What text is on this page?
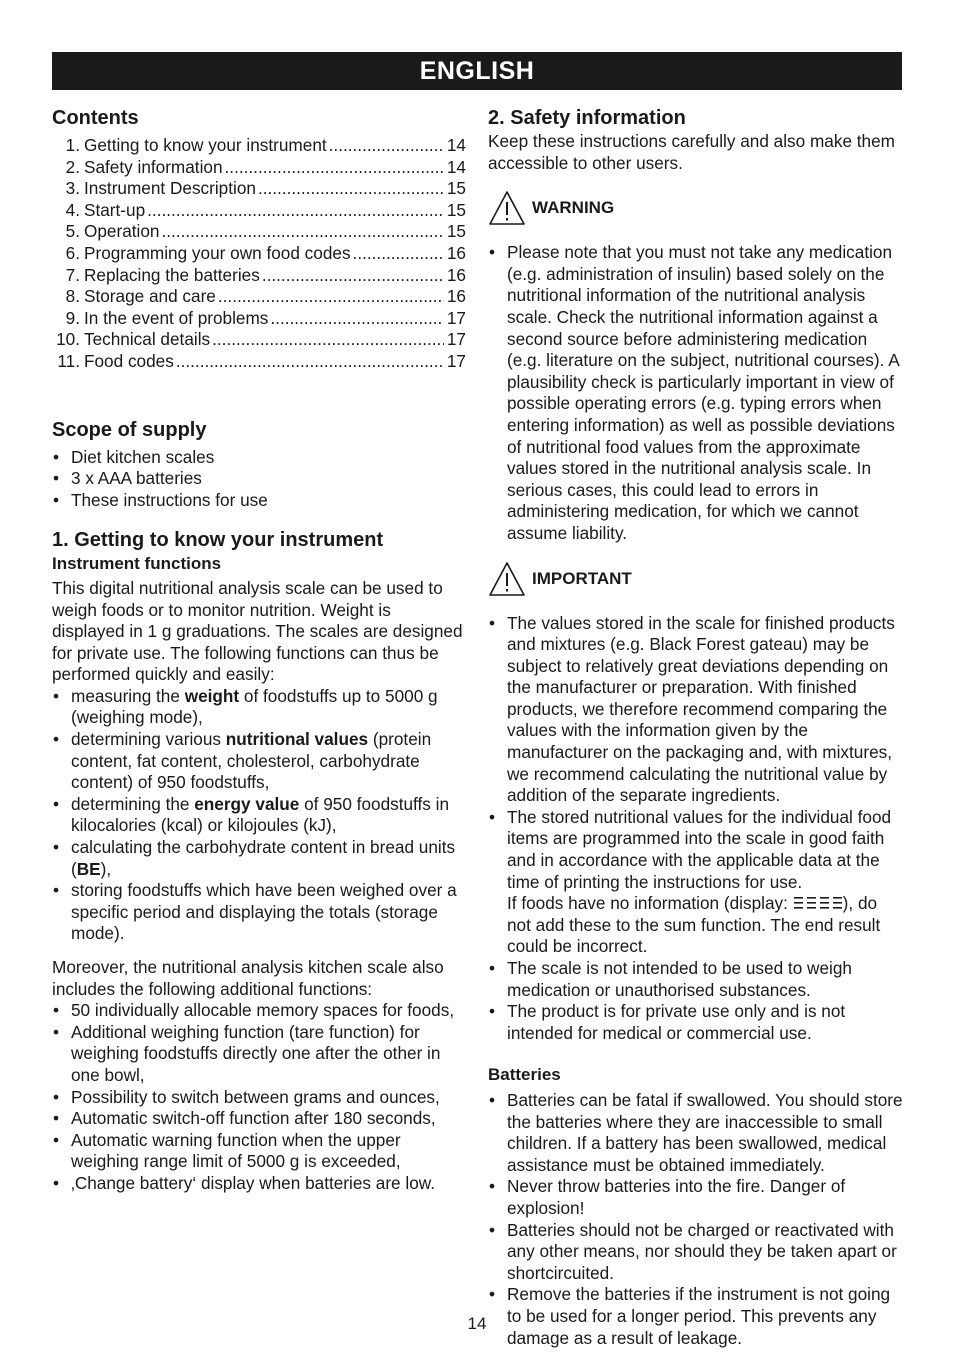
ENGLISH
Contents
1. Getting to know your instrument .....	14
2. Safety information .....	14
3. Instrument Description .....	15
4. Start-up .....	15
5. Operation .....	15
6. Programming your own food codes .....	16
7. Replacing the batteries .....	16
8. Storage and care .....	16
9. In the event of problems .....	17
10. Technical details .....	17
11. Food codes .....	17
Scope of supply
• Diet kitchen scales
• 3 x AAA batteries
• These instructions for use
1. Getting to know your instrument
Instrument functions

This digital nutritional analysis scale can be used to weigh foods or to monitor nutrition. Weight is displayed in 1 g graduations. The scales are designed for private use. The following functions can thus be performed quickly and easily:

• measuring the weight of foodstuffs up to 5000 g (weighing mode),
• determining various nutritional values (protein content, fat content, cholesterol, carbohydrate content) of 950 foodstuffs,
• determining the energy value of 950 foodstuffs in kilocalories (kcal) or kilojoules (kJ),
• calculating the carbohydrate content in bread units (BE),
• storing foodstuffs which have been weighed over a specific period and displaying the totals (storage mode).

Moreover, the nutritional analysis kitchen scale also includes the following additional functions:

• 50 individually allocable memory spaces for foods,
• Additional weighing function (tare function) for weighing foodstuffs directly one after the other in one bowl,
• Possibility to switch between grams and ounces,
• Automatic switch-off function after 180 seconds,
• Automatic warning function when the upper weighing range limit of 5000 g is exceeded,
• ‚Change battery‘ display when batteries are low.
2. Safety information

Keep these instructions carefully and also make them accessible to other users.

WARNING
• Please note that you must not take any medication (e.g. administration of insulin) based solely on the nutritional information of the nutritional analysis scale. Check the nutritional information against a second source before administering medication (e.g. literature on the subject, nutritional courses). A plausibility check is particularly important in view of possible operating errors (e.g. typing errors when entering information) as well as possible deviations of nutritional food values from the approximate values stored in the nutritional analysis scale. In serious cases, this could lead to errors in administering medication, for which we cannot assume liability.
IMPORTANT
• The values stored in the scale for finished products and mixtures (e.g. Black Forest gateau) may be subject to relatively great deviations depending on the manufacturer or preparation. With finished products, we therefore recommend comparing the values with the information given by the manufacturer on the packaging and, with mixtures, we recommend calculating the nutritional value by addition of the separate ingredients.
• The stored nutritional values for the individual food items are programmed into the scale in good faith and in accordance with the applicable data at the time of printing the instructions for use.
If foods have no information (display:	), do not add these to the sum function. The end result could be incorrect.
• The scale is not intended to be used to weigh medication or unauthorised substances.
• The product is for private use only and is not intended for medical or commercial use.
Batteries
• Batteries can be fatal if swallowed. You should store the batteries where they are inaccessible to small children. If a battery has been swallowed, medical assistance must be obtained immediately.
• Never throw batteries into the fire. Danger of explosion!
• Batteries should not be charged or reactivated with any other means, nor should they be taken apart or shortcircuited.
• Remove the batteries if the instrument is not going to be used for a longer period. This prevents any damage as a result of leakage.
14
